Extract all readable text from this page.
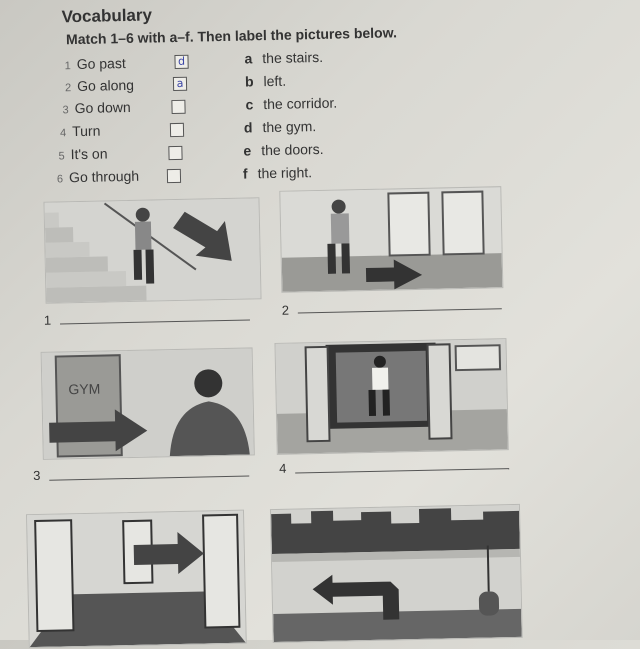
Vocabulary
Match 1–6 with a–f. Then label the pictures below.
1 Go past
2 Go along
3 Go down
4 Turn
5 It's on
6 Go through
d
a
a the stairs.
b left.
c the corridor.
d the gym.
e the doors.
f the right.
1
2
GYM
3	4
